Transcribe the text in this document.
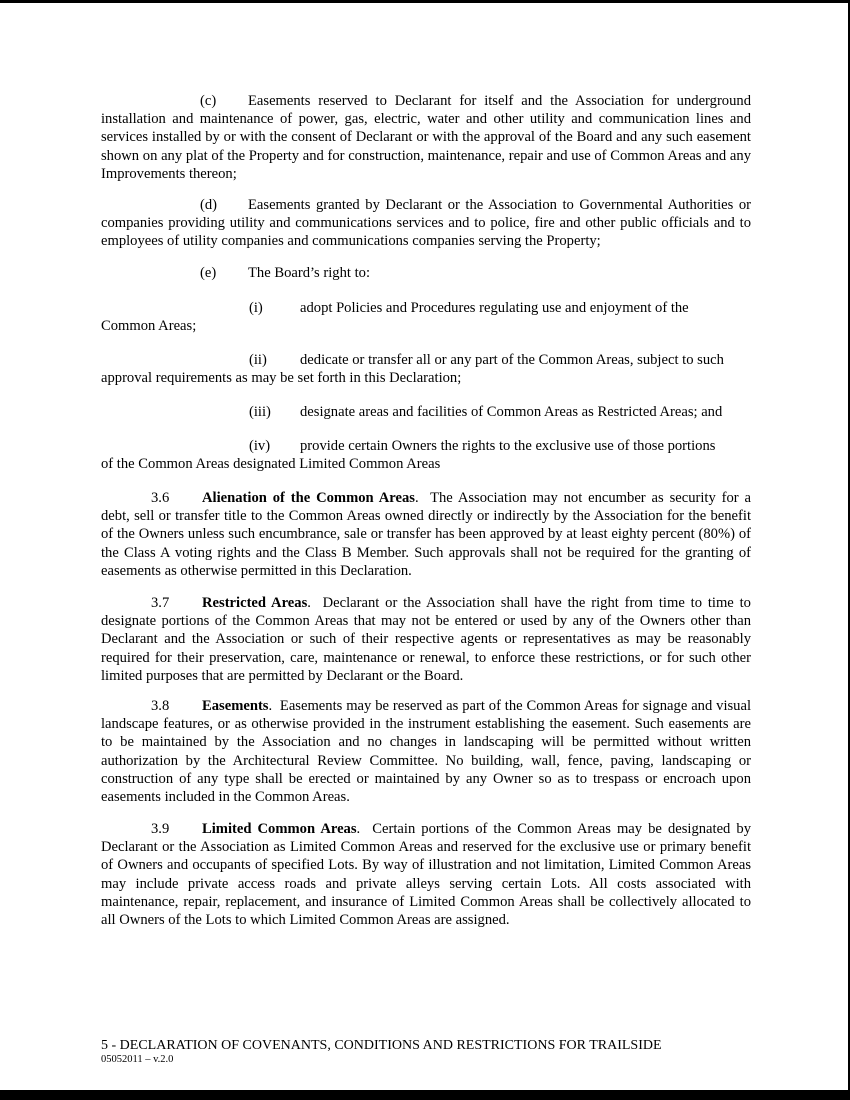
(c) Easements reserved to Declarant for itself and the Association for underground installation and maintenance of power, gas, electric, water and other utility and communication lines and services installed by or with the consent of Declarant or with the approval of the Board and any such easement shown on any plat of the Property and for construction, maintenance, repair and use of Common Areas and any Improvements thereon;

(d) Easements granted by Declarant or the Association to Governmental Authorities or companies providing utility and communications services and to police, fire and other public officials and to employees of utility companies and communications companies serving the Property;

(e) The Board’s right to:

(i)	adopt Policies and Procedures regulating use and enjoyment of the
Common Areas;
(ii) dedicate or transfer all or any part of the Common Areas, subject to such
approval requirements as may be set forth in this Declaration;
(iii) designate areas and facilities of Common Areas as Restricted Areas; and
(iv) provide certain Owners the rights to the exclusive use of those portions
of the Common Areas designated Limited Common Areas

3.6 Alienation of the Common Areas.  The Association may not encumber as security for a debt, sell or transfer title to the Common Areas owned directly or indirectly by the Association for the benefit of the Owners unless such encumbrance, sale or transfer has been approved by at least eighty percent (80%) of the Class A voting rights and the Class B Member. Such approvals shall not be required for the granting of easements as otherwise permitted in this Declaration.

3.7 Restricted Areas.  Declarant or the Association shall have the right from time to time to designate portions of the Common Areas that may not be entered or used by any of the Owners other than Declarant and the Association or such of their respective agents or representatives as may be reasonably required for their preservation, care, maintenance or renewal, to enforce these restrictions, or for such other limited purposes that are permitted by Declarant or the Board.

3.8 Easements.  Easements may be reserved as part of the Common Areas for signage and visual landscape features, or as otherwise provided in the instrument establishing the easement. Such easements are to be maintained by the Association and no changes in landscaping will be permitted without written authorization by the Architectural Review Committee. No building, wall, fence, paving, landscaping or construction of any type shall be erected or maintained by any Owner so as to trespass or encroach upon easements included in the Common Areas.

3.9 Limited Common Areas.  Certain portions of the Common Areas may be designated by Declarant or the Association as Limited Common Areas and reserved for the exclusive use or primary benefit of Owners and occupants of specified Lots. By way of illustration and not limitation, Limited Common Areas may include private access roads and private alleys serving certain Lots. All costs associated with maintenance, repair, replacement, and insurance of Limited Common Areas shall be collectively allocated to all Owners of the Lots to which Limited Common Areas are assigned.

5 - DECLARATION OF COVENANTS, CONDITIONS AND RESTRICTIONS FOR TRAILSIDE

05052011 – v.2.0
